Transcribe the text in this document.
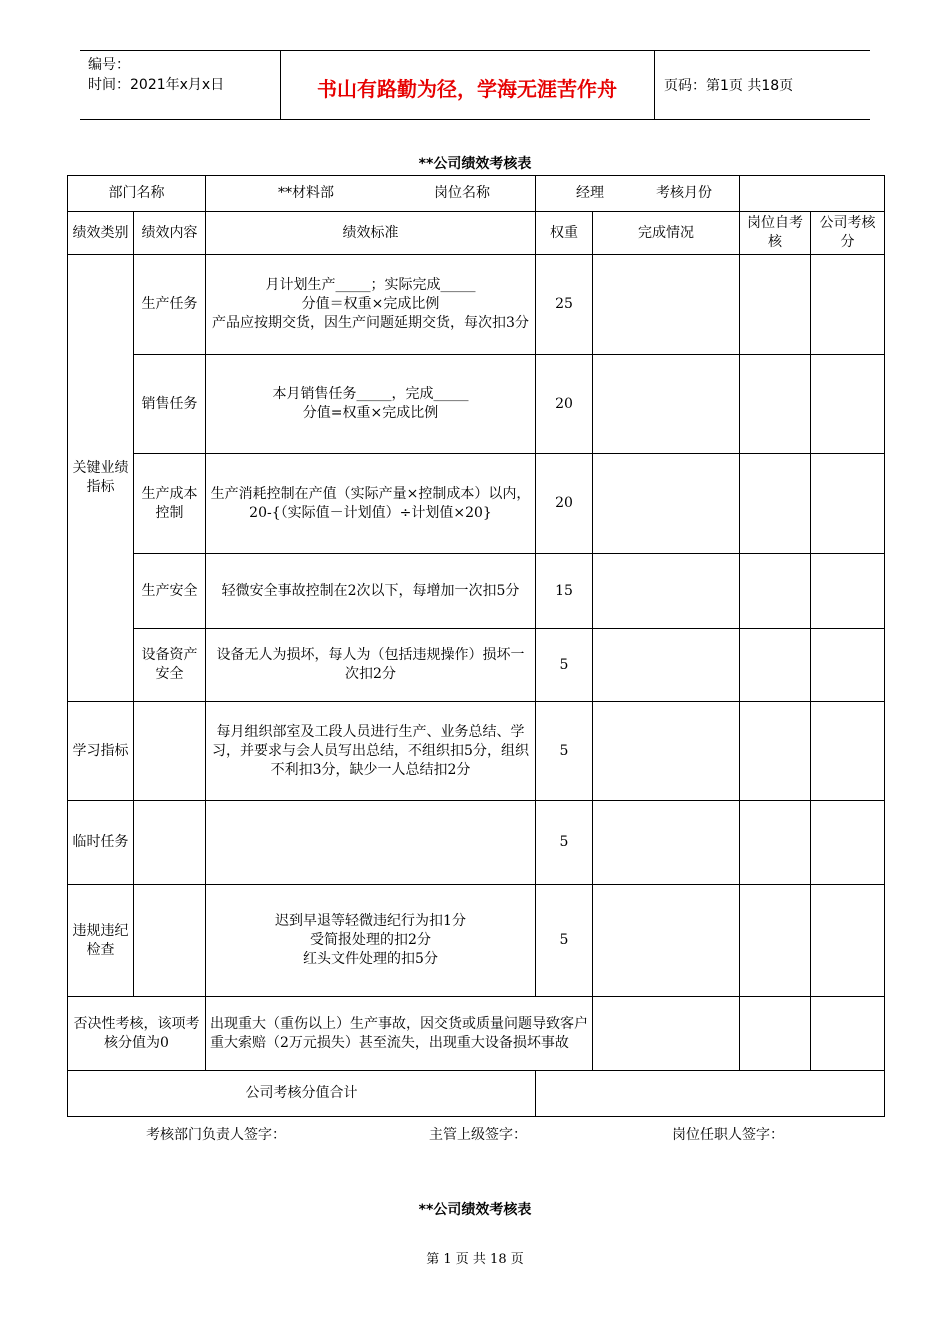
编号：
时间：2021年x月x日	书山有路勤为径，学海无涯苦作舟	页码：第1页 共18页
**公司绩效考核表
部门名称		**材料部 岗位名称	经理 考核月份			
绩效类别	绩效内容	绩效标准	权重	完成情况	岗位自考核	公司考核分
关键业绩指标	生产任务	月计划生产_____；实际完成_____
分值＝权重×完成比例
产品应按期交货，因生产问题延期交货，每次扣3分	25			
	销售任务	本月销售任务_____，完成_____
分值=权重×完成比例	20			
	生产成本控制	生产消耗控制在产值（实际产量×控制成本）以内，20-{（实际值－计划值）÷计划值×20}	20			
	生产安全	轻微安全事故控制在2次以下，每增加一次扣5分	15			
	设备资产安全	设备无人为损坏，每人为（包括违规操作）损坏一次扣2分	5			
学习指标		每月组织部室及工段人员进行生产、业务总结、学习，并要求与会人员写出总结，不组织扣5分，组织不利扣3分，缺少一人总结扣2分	5			
临时任务			5			
违规违纪检查		迟到早退等轻微违纪行为扣1分
受简报处理的扣2分
红头文件处理的扣5分	5			
否决性考核，该项考核分值为0		出现重大（重伤以上）生产事故，因交货或质量问题导致客户重大索赔（2万元损失）甚至流失，出现重大设备损坏事故				
公司考核分值合计						
考核部门负责人签字：	主管上级签字：	岗位任职人签字：
**公司绩效考核表
第 1 页 共 18 页
